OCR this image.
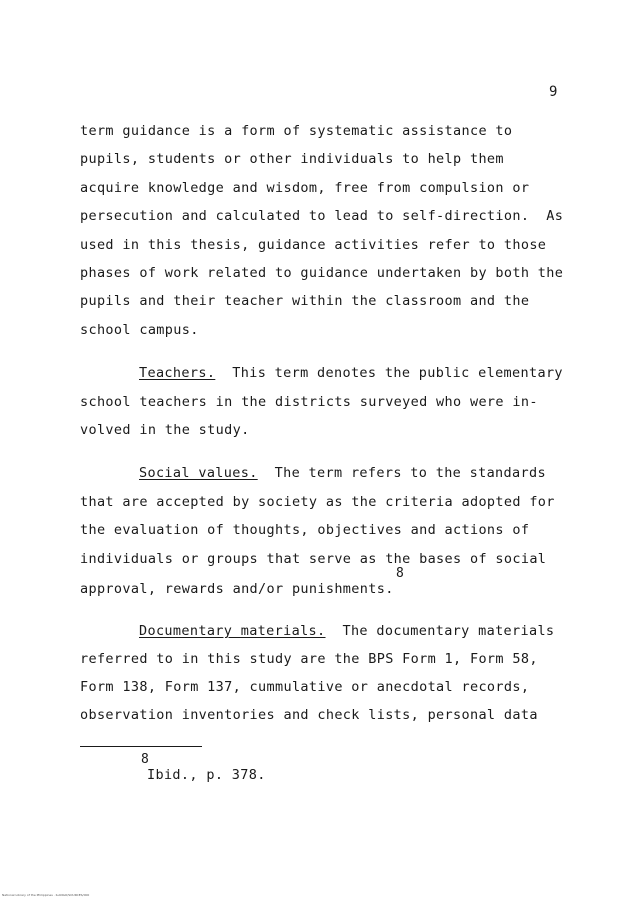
9
term guidance is a form of systematic assistance to
pupils, students or other individuals to help them
acquire knowledge and wisdom, free from compulsion or
persecution and calculated to lead to self-direction.  As
used in this thesis, guidance activities refer to those
phases of work related to guidance undertaken by both the
pupils and their teacher within the classroom and the
school campus.
Teachers.  This term denotes the public elementary
school teachers in the districts surveyed who were in-
volved in the study.
Social values.  The term refers to the standards
that are accepted by society as the criteria adopted for
the evaluation of thoughts, objectives and actions of
individuals or groups that serve as the bases of social
approval, rewards and/or punishments.
8
Documentary materials.  The documentary materials
referred to in this study are the BPS Form 1, Form 58,
Form 138, Form 137, cummulative or anecdotal records,
observation inventories and check lists, personal data
8
Ibid., p. 378.
National Library of the Philippines · ILANGO/SOURCES/000
